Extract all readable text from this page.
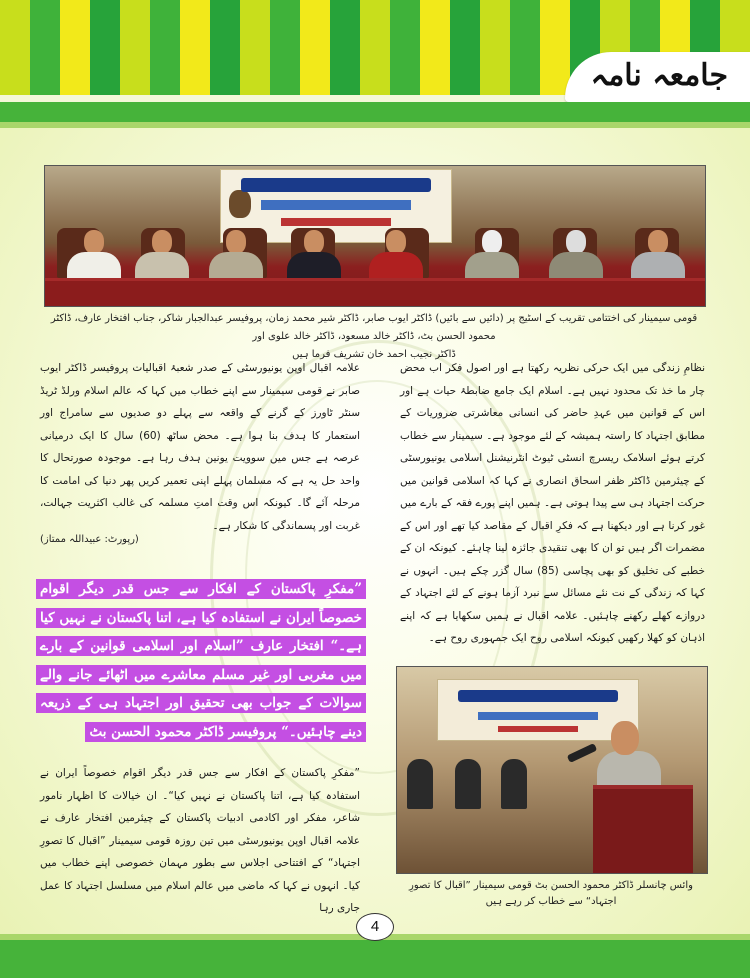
جامعہ نامہ
قومی سیمینار کی اختتامی تقریب کے اسٹیج پر (دائیں سے بائیں) ڈاکٹر ایوب صابر، ڈاکٹر شیر محمد زمان، پروفیسر عبدالجبار شاکر، جناب افتخار عارف، ڈاکٹر محمود الحسن بٹ، ڈاکٹر خالد مسعود، ڈاکٹر خالد علوی اور
ڈاکٹر نجیب احمد خان تشریف فرما ہیں
نظامِ زندگی میں ایک حرکی نظریہ رکھتا ہے اور اصول فکر اب محض چار ما خذ تک محدود نہیں ہے۔ اسلام ایک جامع ضابطۂ حیات ہے اور اس کے قوانین میں عہدِ حاضر کی انسانی معاشرتی ضروریات کے مطابق اجتہاد کا راستہ ہمیشہ کے لئے موجود ہے۔ سیمینار سے خطاب کرتے ہوئے اسلامک ریسرچ انسٹی ٹیوٹ انٹرنیشنل اسلامی یونیورسٹی کے چیئرمین ڈاکٹر ظفر اسحاق انصاری نے کہا کہ اسلامی قوانین میں حرکت اجتہاد ہی سے پیدا ہوتی ہے۔ ہمیں اپنے پورے فقہ کے بارے میں غور کرنا ہے اور دیکھنا ہے کہ فکرِ اقبال کے مقاصد کیا تھے اور اس کے مضمرات اگر ہیں تو ان کا بھی تنقیدی جائزہ لینا چاہئے۔ کیونکہ ان کے خطبے کی تخلیق کو بھی پچاسی (85) سال گزر چکے ہیں۔ انہوں نے کہا کہ زندگی کے نت نئے مسائل سے نبرد آزما ہونے کے لئے اجتہاد کے دروازے کھلے رکھنے چاہئیں۔ علامہ اقبال نے ہمیں سکھایا ہے کہ اپنے اذہان کو کھلا رکھیں کیونکہ اسلامی روح ایک جمہوری روح ہے۔
علامہ اقبال اوپن یونیورسٹی کے صدر شعبۂ اقبالیات پروفیسر ڈاکٹر ایوب صابر نے قومی سیمینار سے اپنے خطاب میں کہا کہ عالم اسلام ورلڈ ٹریڈ سنٹر ٹاورز کے گرنے کے واقعہ سے پہلے دو صدیوں سے سامراج اور استعمار کا ہدف بنا ہوا ہے۔ محض ساٹھ (60) سال کا ایک درمیانی عرصہ ہے جس میں سوویت یونین ہدف رہا ہے۔ موجودہ صورتحال کا واحد حل یہ ہے کہ مسلمان پہلے اپنی تعمیر کریں پھر دنیا کی امامت کا مرحلہ آئے گا۔ کیونکہ اس وقت امتِ مسلمہ کی غالب اکثریت جہالت، غربت اور پسماندگی کا شکار ہے۔
(رپورٹ: عبیداللہ ممتاز)
”مفکرِ پاکستان کے افکار سے جس قدر دیگر اقوام خصوصاً ایران نے استفادہ کیا ہے، اتنا پاکستان نے نہیں کیا ہے۔“ افتخار عارف ”اسلام اور اسلامی قوانین کے بارے میں مغربی اور غیر مسلم معاشرے میں اٹھائے جانے والے سوالات کے جواب بھی تحقیق اور اجتہاد ہی کے ذریعہ دینے چاہئیں۔“ پروفیسر ڈاکٹر محمود الحسن بٹ
”مفکرِ پاکستان کے افکار سے جس قدر دیگر اقوام خصوصاً ایران نے استفادہ کیا ہے، اتنا پاکستان نے نہیں کیا“۔ ان خیالات کا اظہار نامور شاعر، مفکر اور اکادمی ادبیات پاکستان کے چیئرمین افتخار عارف نے علامہ اقبال اوپن یونیورسٹی میں تین روزہ قومی سیمینار ”اقبال کا تصورِ اجتہاد“ کے افتتاحی اجلاس سے بطور مہمان خصوصی اپنے خطاب میں کیا۔ انہوں نے کہا کہ ماضی میں عالم اسلام میں مسلسل اجتہاد کا عمل جاری رہا
وائس چانسلر ڈاکٹر محمود الحسن بٹ قومی سیمینار ”اقبال کا تصورِ اجتہاد“ سے خطاب کر رہے ہیں
4
